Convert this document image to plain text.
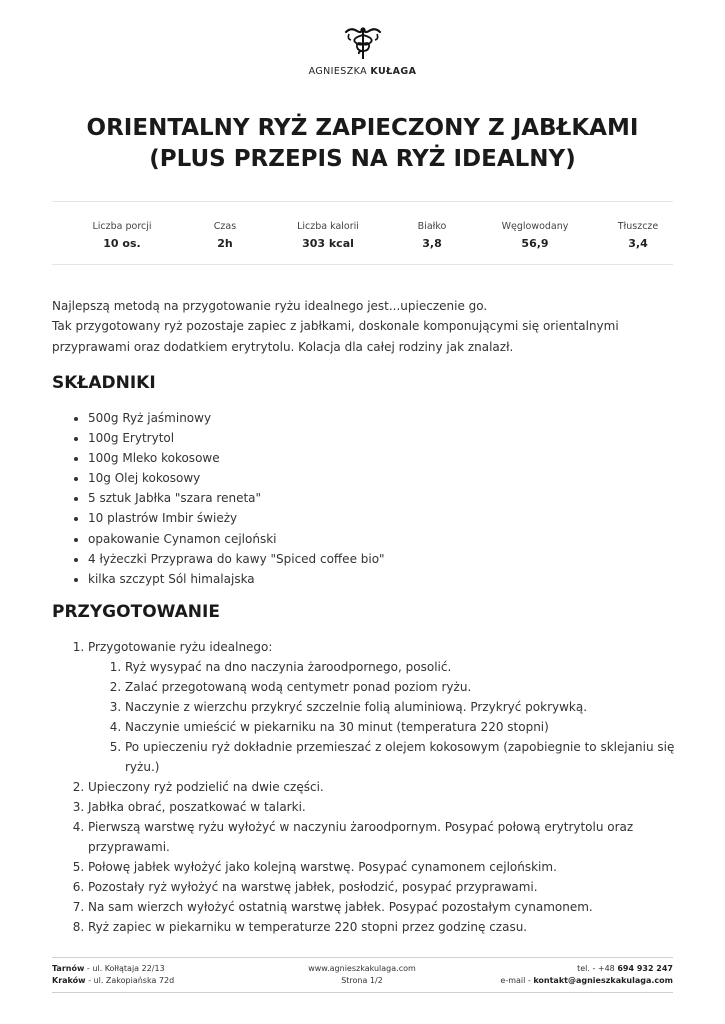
AGNIESZKA KUŁAGA
ORIENTALNY RYŻ ZAPIECZONY Z JABŁKAMI
(PLUS PRZEPIS NA RYŻ IDEALNY)
Liczba porcji
10 os.
Czas
2h
Liczba kalorii
303 kcal
Białko
3,8
Węglowodany
56,9
Tłuszcze
3,4

Najlepszą metodą na przygotowanie ryżu idealnego jest...upieczenie go.
Tak przygotowany ryż pozostaje zapiec z jabłkami, doskonale komponującymi się orientalnymi
przyprawami oraz dodatkiem erytrytolu. Kolacja dla całej rodziny jak znalazł.

SKŁADNIKI
• 500g Ryż jaśminowy
• 100g Erytrytol
• 100g Mleko kokosowe
• 10g Olej kokosowy
• 5 sztuk Jabłka "szara reneta"
• 10 plastrów Imbir świeży
• opakowanie Cynamon cejloński
• 4 łyżeczki Przyprawa do kawy "Spiced coffee bio"
• kilka szczypt Sól himalajska
PRZYGOTOWANIE
1. Przygotowanie ryżu idealnego:
1. Ryż wysypać na dno naczynia żaroodpornego, posolić.
2. Zalać przegotowaną wodą centymetr ponad poziom ryżu.
3. Naczynie z wierzchu przykryć szczelnie folią aluminiową. Przykryć pokrywką.
4. Naczynie umieścić w piekarniku na 30 minut (temperatura 220 stopni)
5. Po upieczeniu ryż dokładnie przemieszać z olejem kokosowym (zapobiegnie to sklejaniu się ryżu.)
2. Upieczony ryż podzielić na dwie części.
3. Jabłka obrać, poszatkować w talarki.
4. Pierwszą warstwę ryżu wyłożyć w naczyniu żaroodpornym. Posypać połową erytrytolu oraz przyprawami.
5. Połowę jabłek wyłożyć jako kolejną warstwę. Posypać cynamonem cejlońskim.
6. Pozostały ryż wyłożyć na warstwę jabłek, posłodzić, posypać przyprawami.
7. Na sam wierzch wyłożyć ostatnią warstwę jabłek. Posypać pozostałym cynamonem.
8. Ryż zapiec w piekarniku w temperaturze 220 stopni przez godzinę czasu.
Tarnów - ul. Kołłątaja 22/13
Kraków - ul. Zakopiańska 72d
www.agnieszkakulaga.com
Strona 1/2
tel. - +48 694 932 247
e-mail - kontakt@agnieszkakulaga.com
